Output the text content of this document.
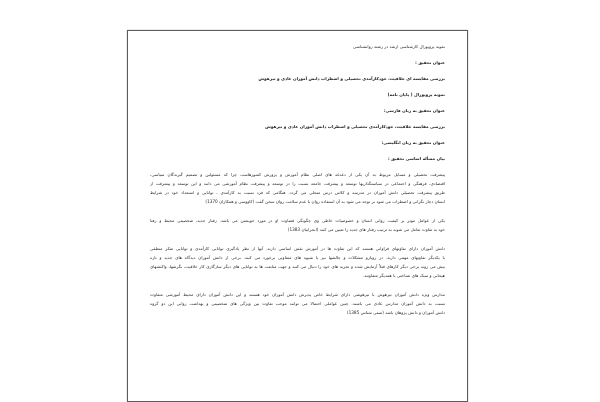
نمونه پروپوزال کارشناسی ارشد در رشته روانشناسی
عنوان تحقیق :
بررسی مقایسه ای خلاقیت، خودکارآمدی تحصیلی و اضطراب دانش آموزان عادی و تیزهوش
نمونه پروپوزال ( پایان نامه)
عنوان تحقیق به زبان فارسی:
بررسی مقایسه خلاقیت، خودکارآمدی تحصیلی و اضطراب دانش آموزان عادی و تیزهوش
عنوان تحقیق به زبان انگلیسی:
بیان مسأله اساسی تحقیق :
پیشرفت تحصیلی و مسایل مربوط به آن یکی از دغدغه های اصلی نظام آموزش و پرورش کشورهاست چرا که مسئولین و تصمیم گیرندگان سیاسی،
اقتصادی، فرهنگی و اجتماعی در سیاستگذاریها توسعه و پیشرفت جامعه نسبت را در توسعه و پیشرفت نظام آموزشی می دانند و این توسعه و پیشرفت از
طریق پیشرفت تحصیلی دانش آموزان در مدرسه و کلاس درس متجلی می گردد. هنگامی که فرد نسبت به کارآمدی ، توانایی و استعداد خود در شرایط
انسان دچار نگرانی و اضطراب می شود بر توجه می شود به آن استفاده روان با عدم سلامت روان سخن گفت (کاووسی و همکاران 1370)
یکی از عوامل موثر بر کیفیت روانی انسان و خصوصیات خاطی وی چگونگی قضاوت او در مورد خویشتن می باشد. رفتار جدید، شخصیتی محیط و رفتا
خود به تفاوت تعامل می شوند به ترتیب رفتار های جدید را تعیین می کنند (انجرایبان 1383)
دانش آموزان دارای تفاوتهای فراوانی هستند که این تفاوت ها در آموزش نقش اساسی دارند. آنها از نظر یادگیری توانایی کارآمدی و توانایی تفکر منطقی
با یکدیگر تفاوتهای مهمی دارند. در رویارو مشکلات و چالشها نیز با شیوه های متفاوتی برخورد می کنند. برخی از دانش آموزان دیدگاه های جدید و تازه
بیش می روند برخی دیگر کارهای قبلاً آزمایش شده و تجربه های خود را دنبال می کنند و جهت متابعت ها به توانایی های دیگر سازگاری کار خلاقیت، نگرشها، واکنشهای
هیجانی و سبک های شناختی با همدیگر متفاوتند.
مدارس ویژه دانش آموزان تیزهوش با تیزهوشی دارای شرایط خاص پذیرش دانش آموزان خود هستند و این دانش آموزان دارای محیط آموزشی متفاوت
نسبت به دانش آموزان مدارس عادی می باشند. چنین عواملی احتمالا می توانند موجب تفاوت بین ویژگی های شخصیتی و بهداشت روانی این دو گروه
دانش آموزان و دانش پژوهان باشد (صفی شناس 1385)
